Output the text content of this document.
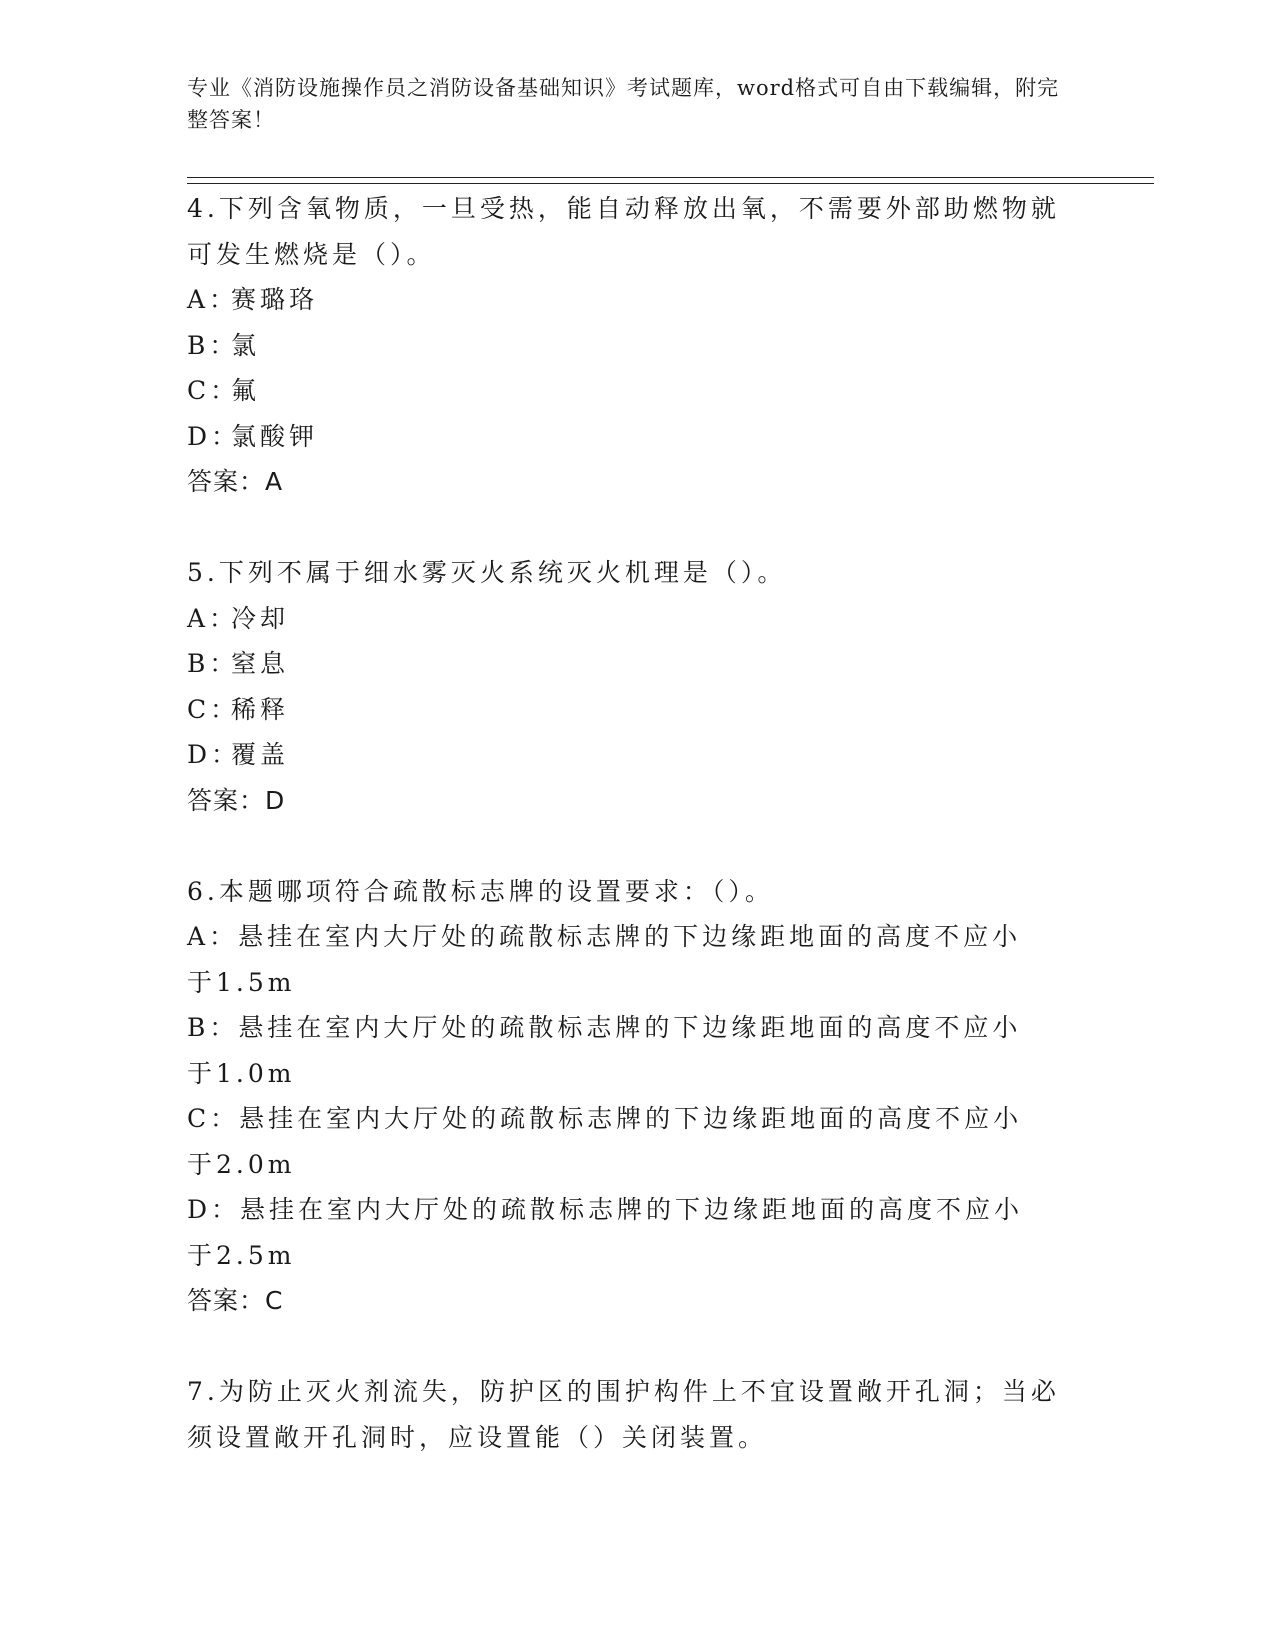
专业《消防设施操作员之消防设备基础知识》考试题库，word格式可自由下载编辑，附完整答案！

4.下列含氧物质，一旦受热，能自动释放出氧，不需要外部助燃物就可发生燃烧是（）。

A：赛璐珞

B：氯

C：氟

D：氯酸钾

答案：A

5.下列不属于细水雾灭火系统灭火机理是（）。

A：冷却

B：窒息

C：稀释

D：覆盖

答案：D

6.本题哪项符合疏散标志牌的设置要求：（）。

A：悬挂在室内大厅处的疏散标志牌的下边缘距地面的高度不应小于1.5m

B：悬挂在室内大厅处的疏散标志牌的下边缘距地面的高度不应小于1.0m

C：悬挂在室内大厅处的疏散标志牌的下边缘距地面的高度不应小于2.0m

D：悬挂在室内大厅处的疏散标志牌的下边缘距地面的高度不应小于2.5m

答案：C

7.为防止灭火剂流失，防护区的围护构件上不宜设置敞开孔洞；当必须设置敞开孔洞时，应设置能（）关闭装置。
